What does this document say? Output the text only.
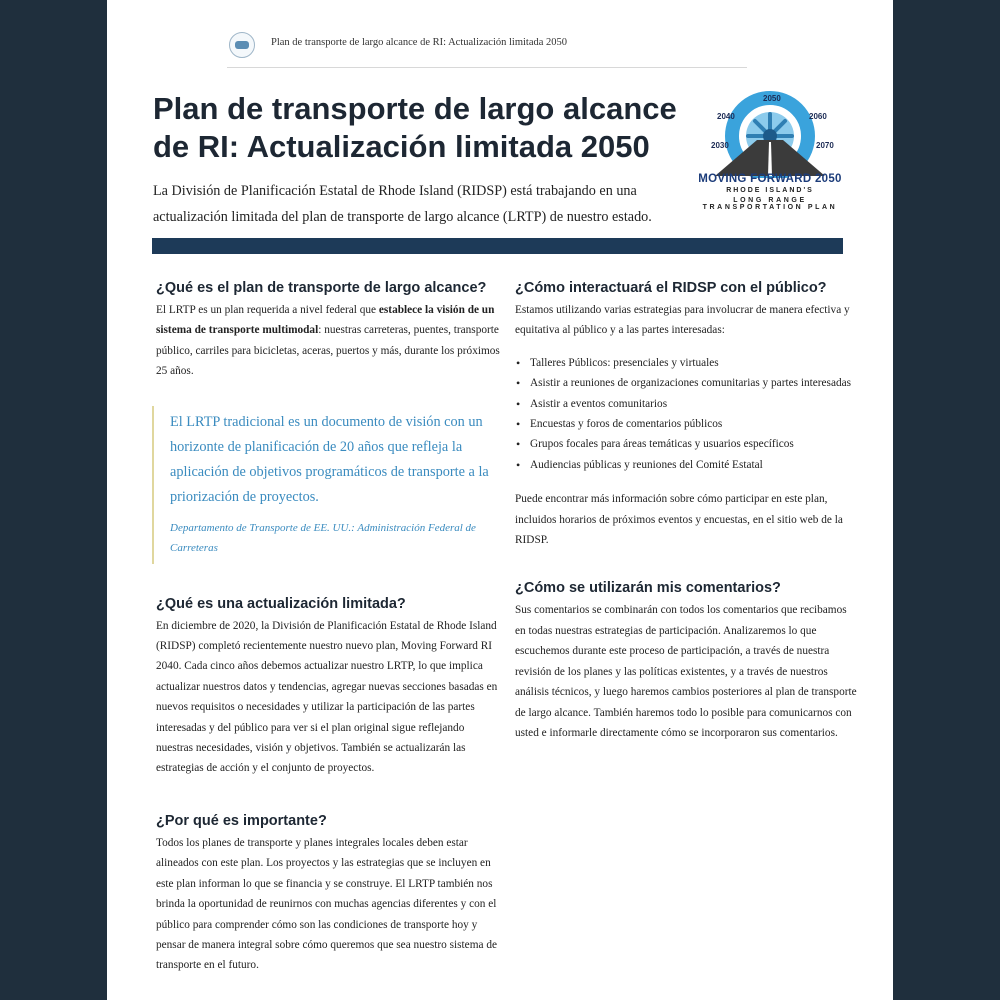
Plan de transporte de largo alcance de RI: Actualización limitada 2050
Plan de transporte de largo alcance
de RI: Actualización limitada 2050
La División de Planificación Estatal de Rhode Island (RIDSP) está trabajando en una
actualización limitada del plan de transporte de largo alcance (LRTP) de nuestro estado.
2050
2040	2060
2030	2070
MOVING FORWARD 2050
RHODE ISLAND'S
LONG RANGE
TRANSPORTATION PLAN
¿Qué es el plan de transporte de largo alcance?

El LRTP es un plan requerida a nivel federal que establece la visión de un sistema de transporte multimodal: nuestras carreteras, puentes, transporte público, carriles para bicicletas, aceras, puertos y más, durante los próximos 25 años.

El LRTP tradicional es un documento de visión con un horizonte de planificación de 20 años que refleja la aplicación de objetivos programáticos de transporte a la priorización de proyectos.
Departamento de Transporte de EE. UU.: Administración Federal de Carreteras
¿Qué es una actualización limitada?

En diciembre de 2020, la División de Planificación Estatal de Rhode Island (RIDSP) completó recientemente nuestro nuevo plan, Moving Forward RI 2040. Cada cinco años debemos actualizar nuestro LRTP, lo que implica actualizar nuestros datos y tendencias, agregar nuevas secciones basadas en nuevos requisitos o necesidades y utilizar la participación de las partes interesadas y del público para ver si el plan original sigue reflejando nuestras necesidades, visión y objetivos. También se actualizarán las estrategias de acción y el conjunto de proyectos.

¿Por qué es importante?

Todos los planes de transporte y planes integrales locales deben estar alineados con este plan. Los proyectos y las estrategias que se incluyen en este plan informan lo que se financia y se construye. El LRTP también nos brinda la oportunidad de reunirnos con muchas agencias diferentes y con el público para comprender cómo son las condiciones de transporte hoy y pensar de manera integral sobre cómo queremos que sea nuestro sistema de transporte en el futuro.

¿Cómo interactuará el RIDSP con el público?

Estamos utilizando varias estrategias para involucrar de manera efectiva y equitativa al público y a las partes interesadas:

• Talleres Públicos: presenciales y virtuales
• Asistir a reuniones de organizaciones comunitarias y partes interesadas
• Asistir a eventos comunitarios
• Encuestas y foros de comentarios públicos
• Grupos focales para áreas temáticas y usuarios específicos
• Audiencias públicas y reuniones del Comité Estatal

Puede encontrar más información sobre cómo participar en este plan, incluidos horarios de próximos eventos y encuestas, en el sitio web de la RIDSP.

¿Cómo se utilizarán mis comentarios?

Sus comentarios se combinarán con todos los comentarios que recibamos en todas nuestras estrategias de participación. Analizaremos lo que escuchemos durante este proceso de participación, a través de nuestra revisión de los planes y las políticas existentes, y a través de nuestros análisis técnicos, y luego haremos cambios posteriores al plan de transporte de largo alcance. También haremos todo lo posible para comunicarnos con usted e informarle directamente cómo se incorporaron sus comentarios.
